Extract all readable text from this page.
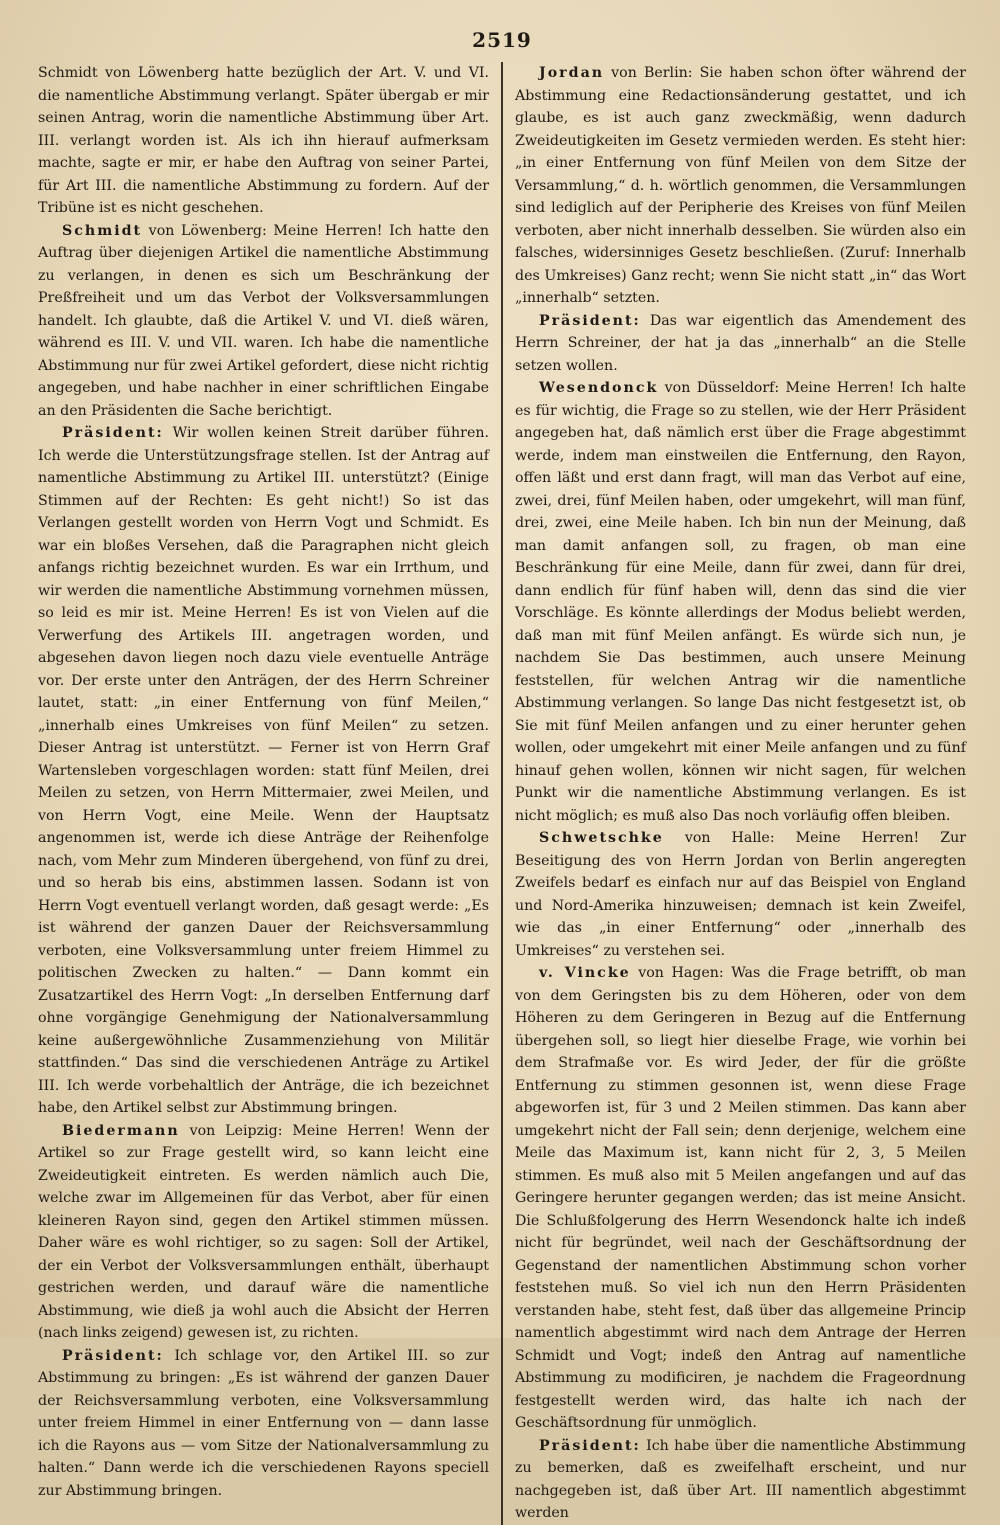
2519

Schmidt von Löwenberg hatte bezüglich der Art. V. und VI. die namentliche Abstimmung verlangt. Später übergab er mir seinen Antrag, worin die namentliche Abstimmung über Art. III. verlangt worden ist. Als ich ihn hierauf aufmerksam machte, sagte er mir, er habe den Auftrag von seiner Partei, für Art III. die namentliche Abstimmung zu fordern. Auf der Tribüne ist es nicht geschehen.

Schmidt von Löwenberg: Meine Herren! Ich hatte den Auftrag über diejenigen Artikel die namentliche Abstimmung zu verlangen, in denen es sich um Beschränkung der Preßfreiheit und um das Verbot der Volksversammlungen handelt. Ich glaubte, daß die Artikel V. und VI. dieß wären, während es III. V. und VII. waren. Ich habe die namentliche Abstimmung nur für zwei Artikel gefordert, diese nicht richtig angegeben, und habe nachher in einer schriftlichen Eingabe an den Präsidenten die Sache berichtigt.

Präsident: Wir wollen keinen Streit darüber führen. Ich werde die Unterstützungsfrage stellen. Ist der Antrag auf namentliche Abstimmung zu Artikel III. unterstützt? (Einige Stimmen auf der Rechten: Es geht nicht!) So ist das Verlangen gestellt worden von Herrn Vogt und Schmidt. Es war ein bloßes Versehen, daß die Paragraphen nicht gleich anfangs richtig bezeichnet wurden. Es war ein Irrthum, und wir werden die namentliche Abstimmung vornehmen müssen, so leid es mir ist. Meine Herren! Es ist von Vielen auf die Verwerfung des Artikels III. angetragen worden, und abgesehen davon liegen noch dazu viele eventuelle Anträge vor. Der erste unter den Anträgen, der des Herrn Schreiner lautet, statt: „in einer Entfernung von fünf Meilen,“ „innerhalb eines Umkreises von fünf Meilen“ zu setzen. Dieser Antrag ist unterstützt. — Ferner ist von Herrn Graf Wartensleben vorgeschlagen worden: statt fünf Meilen, drei Meilen zu setzen, von Herrn Mittermaier, zwei Meilen, und von Herrn Vogt, eine Meile. Wenn der Hauptsatz angenommen ist, werde ich diese Anträge der Reihenfolge nach, vom Mehr zum Minderen übergehend, von fünf zu drei, und so herab bis eins, abstimmen lassen. Sodann ist von Herrn Vogt eventuell verlangt worden, daß gesagt werde: „Es ist während der ganzen Dauer der Reichsversammlung verboten, eine Volksversammlung unter freiem Himmel zu politischen Zwecken zu halten.“ — Dann kommt ein Zusatzartikel des Herrn Vogt: „In derselben Entfernung darf ohne vorgängige Genehmigung der Nationalversammlung keine außergewöhnliche Zusammenziehung von Militär stattfinden.“ Das sind die verschiedenen Anträge zu Artikel III. Ich werde vorbehaltlich der Anträge, die ich bezeichnet habe, den Artikel selbst zur Abstimmung bringen.

Biedermann von Leipzig: Meine Herren! Wenn der Artikel so zur Frage gestellt wird, so kann leicht eine Zweideutigkeit eintreten. Es werden nämlich auch Die, welche zwar im Allgemeinen für das Verbot, aber für einen kleineren Rayon sind, gegen den Artikel stimmen müssen. Daher wäre es wohl richtiger, so zu sagen: Soll der Artikel, der ein Verbot der Volksversammlungen enthält, überhaupt gestrichen werden, und darauf wäre die namentliche Abstimmung, wie dieß ja wohl auch die Absicht der Herren (nach links zeigend) gewesen ist, zu richten.

Präsident: Ich schlage vor, den Artikel III. so zur Abstimmung zu bringen: „Es ist während der ganzen Dauer der Reichsversammlung verboten, eine Volksversammlung unter freiem Himmel in einer Entfernung von — dann lasse ich die Rayons aus — vom Sitze der Nationalversammlung zu halten.“ Dann werde ich die verschiedenen Rayons speciell zur Abstimmung bringen.

Jordan von Berlin: Sie haben schon öfter während der Abstimmung eine Redactionsänderung gestattet, und ich glaube, es ist auch ganz zweckmäßig, wenn dadurch Zweideutigkeiten im Gesetz vermieden werden. Es steht hier: „in einer Entfernung von fünf Meilen von dem Sitze der Versammlung,“ d. h. wörtlich genommen, die Versammlungen sind lediglich auf der Peripherie des Kreises von fünf Meilen verboten, aber nicht innerhalb desselben. Sie würden also ein falsches, widersinniges Gesetz beschließen. (Zuruf: Innerhalb des Umkreises) Ganz recht; wenn Sie nicht statt „in“ das Wort „innerhalb“ setzten.

Präsident: Das war eigentlich das Amendement des Herrn Schreiner, der hat ja das „innerhalb“ an die Stelle setzen wollen.

Wesendonck von Düsseldorf: Meine Herren! Ich halte es für wichtig, die Frage so zu stellen, wie der Herr Präsident angegeben hat, daß nämlich erst über die Frage abgestimmt werde, indem man einstweilen die Entfernung, den Rayon, offen läßt und erst dann fragt, will man das Verbot auf eine, zwei, drei, fünf Meilen haben, oder umgekehrt, will man fünf, drei, zwei, eine Meile haben. Ich bin nun der Meinung, daß man damit anfangen soll, zu fragen, ob man eine Beschränkung für eine Meile, dann für zwei, dann für drei, dann endlich für fünf haben will, denn das sind die vier Vorschläge. Es könnte allerdings der Modus beliebt werden, daß man mit fünf Meilen anfängt. Es würde sich nun, je nachdem Sie Das bestimmen, auch unsere Meinung feststellen, für welchen Antrag wir die namentliche Abstimmung verlangen. So lange Das nicht festgesetzt ist, ob Sie mit fünf Meilen anfangen und zu einer herunter gehen wollen, oder umgekehrt mit einer Meile anfangen und zu fünf hinauf gehen wollen, können wir nicht sagen, für welchen Punkt wir die namentliche Abstimmung verlangen. Es ist nicht möglich; es muß also Das noch vorläufig offen bleiben.

Schwetschke von Halle: Meine Herren! Zur Beseitigung des von Herrn Jordan von Berlin angeregten Zweifels bedarf es einfach nur auf das Beispiel von England und Nord-Amerika hinzuweisen; demnach ist kein Zweifel, wie das „in einer Entfernung“ oder „innerhalb des Umkreises“ zu verstehen sei.

v. Vincke von Hagen: Was die Frage betrifft, ob man von dem Geringsten bis zu dem Höheren, oder von dem Höheren zu dem Geringeren in Bezug auf die Entfernung übergehen soll, so liegt hier dieselbe Frage, wie vorhin bei dem Strafmaße vor. Es wird Jeder, der für die größte Entfernung zu stimmen gesonnen ist, wenn diese Frage abgeworfen ist, für 3 und 2 Meilen stimmen. Das kann aber umgekehrt nicht der Fall sein; denn derjenige, welchem eine Meile das Maximum ist, kann nicht für 2, 3, 5 Meilen stimmen. Es muß also mit 5 Meilen angefangen und auf das Geringere herunter gegangen werden; das ist meine Ansicht. Die Schlußfolgerung des Herrn Wesendonck halte ich indeß nicht für begründet, weil nach der Geschäftsordnung der Gegenstand der namentlichen Abstimmung schon vorher feststehen muß. So viel ich nun den Herrn Präsidenten verstanden habe, steht fest, daß über das allgemeine Princip namentlich abgestimmt wird nach dem Antrage der Herren Schmidt und Vogt; indeß den Antrag auf namentliche Abstimmung zu modificiren, je nachdem die Frageordnung festgestellt werden wird, das halte ich nach der Geschäftsordnung für unmöglich.

Präsident: Ich habe über die namentliche Abstimmung zu bemerken, daß es zweifelhaft erscheint, und nur nachgegeben ist, daß über Art. III namentlich abgestimmt werden
